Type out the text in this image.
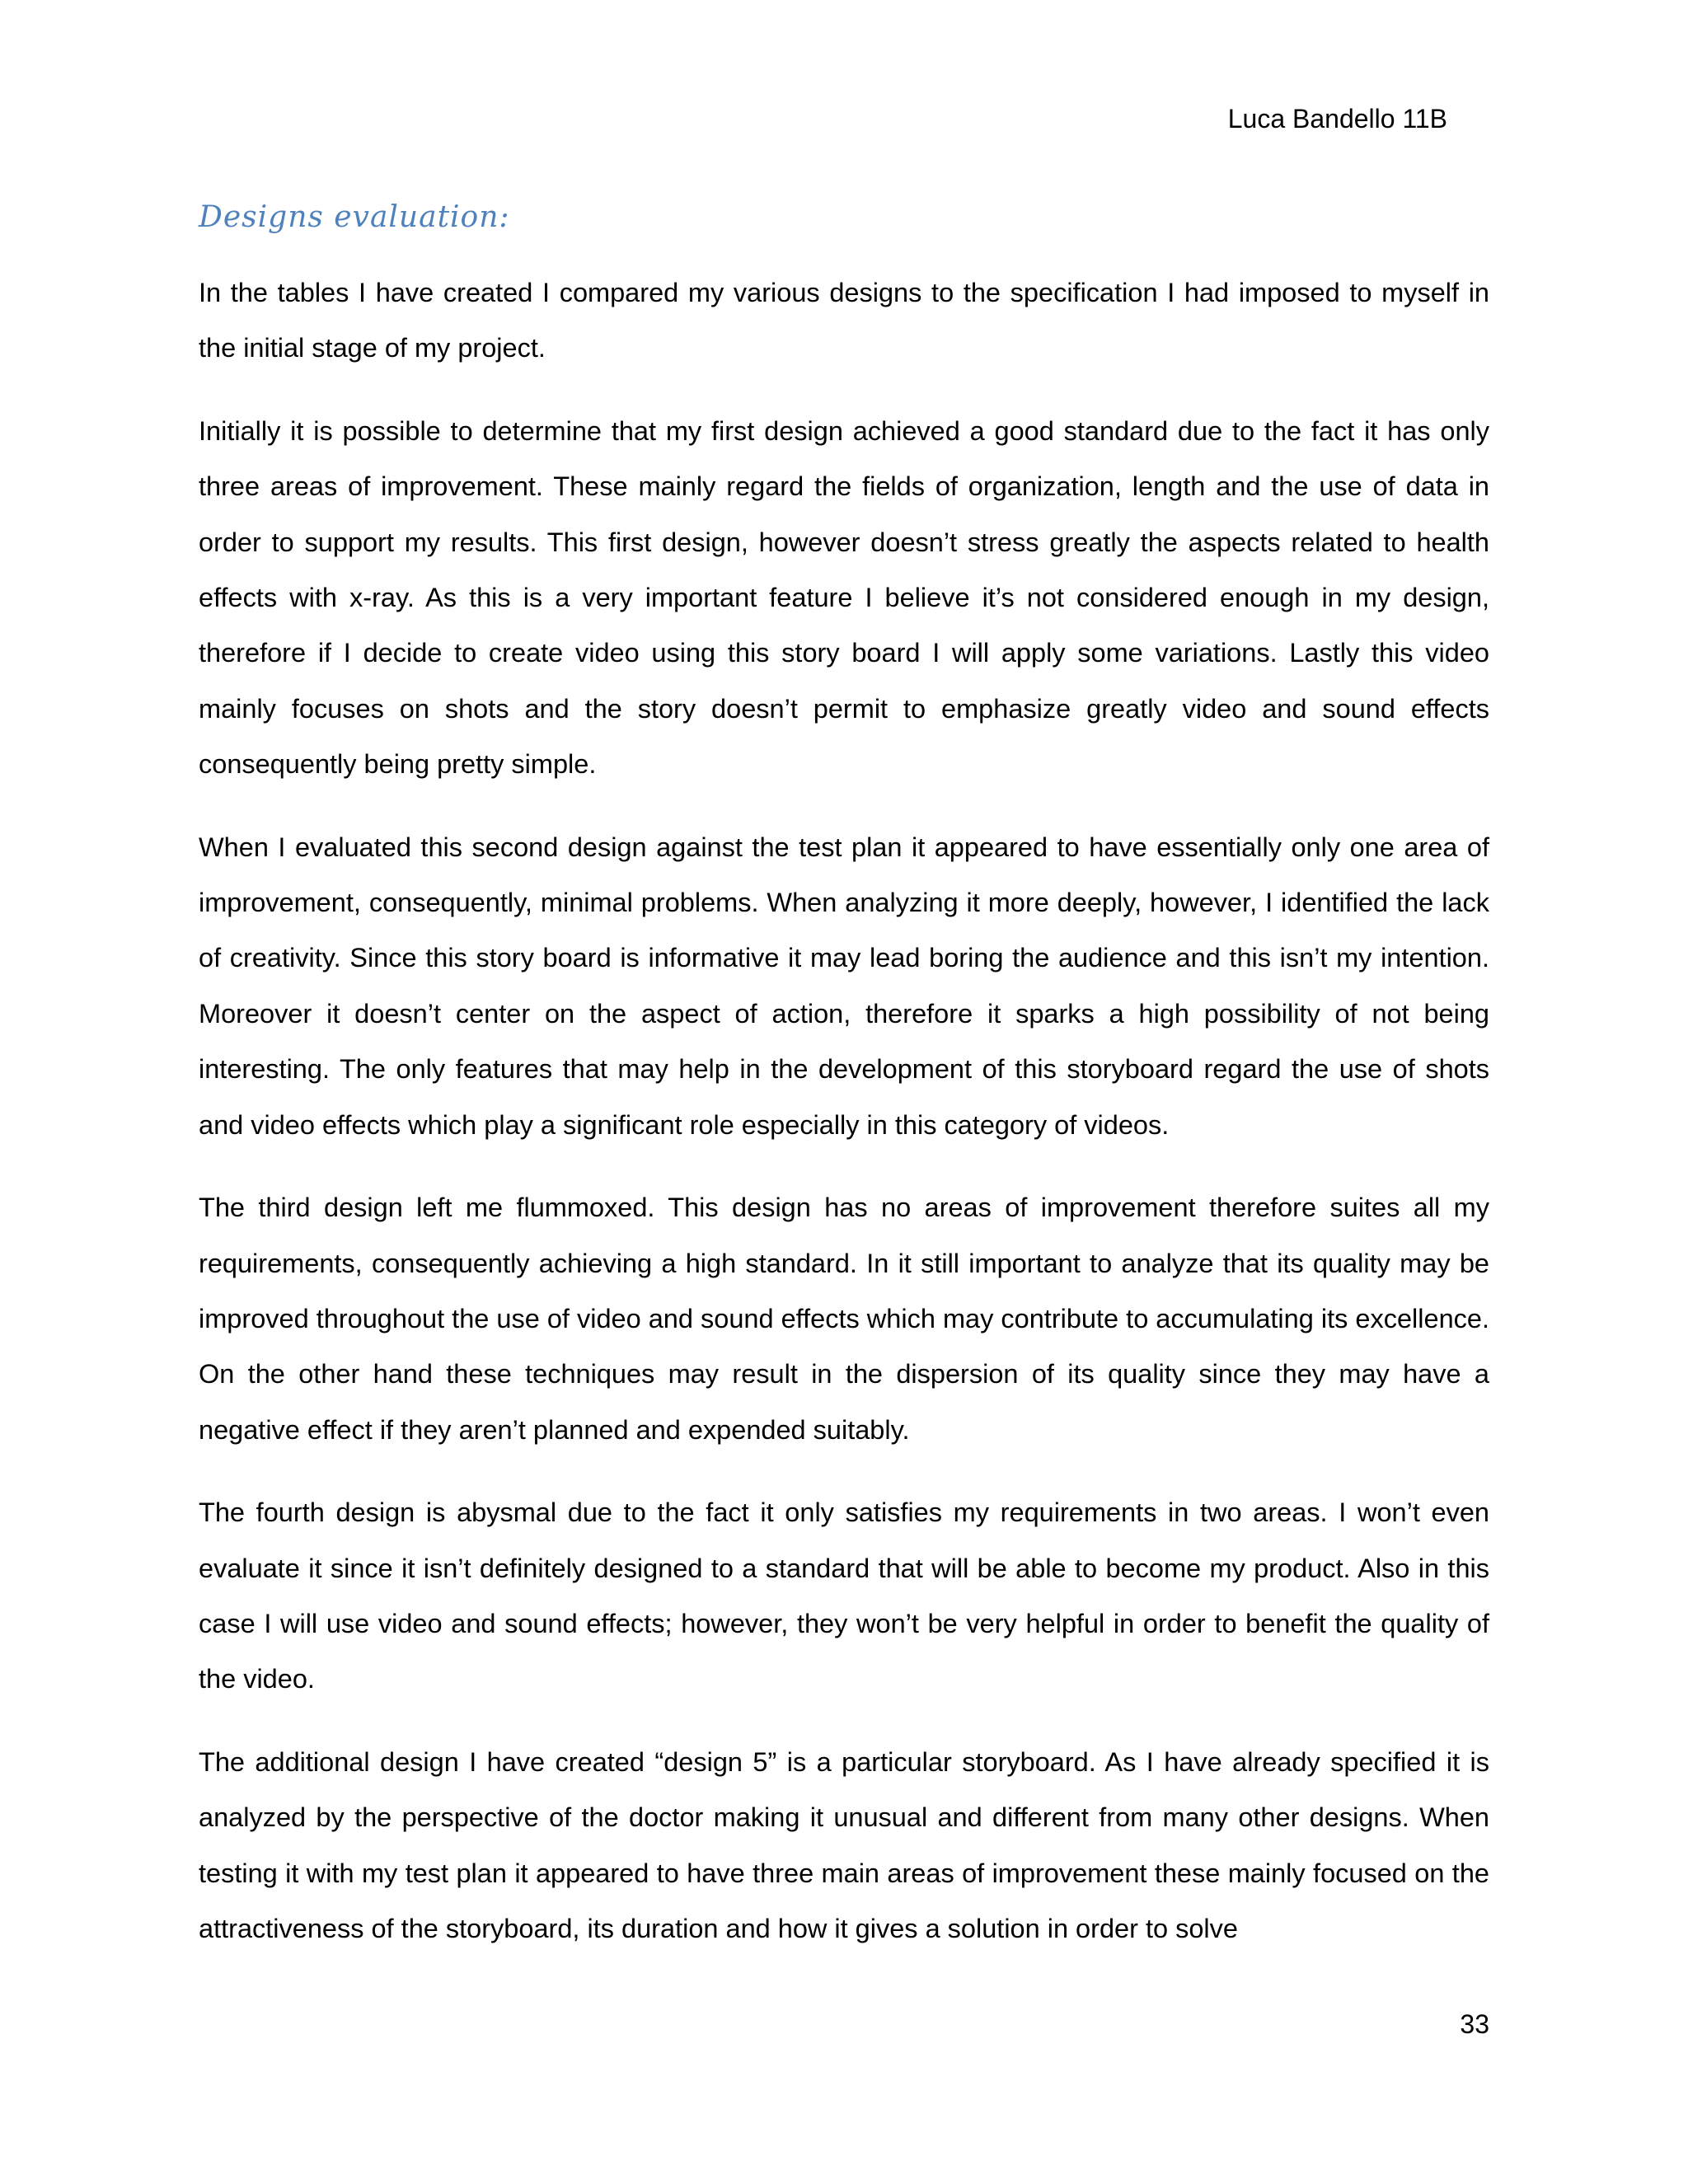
Luca Bandello 11B
Designs evaluation:

In the tables I have created I compared my various designs to the specification I had imposed to myself in the initial stage of my project.

Initially it is possible to determine that my first design achieved a good standard due to the fact it has only three areas of improvement. These mainly regard the fields of organization, length and the use of data in order to support my results. This first design, however doesn’t stress greatly the aspects related to health effects with x-ray. As this is a very important feature I believe it’s not considered enough in my design, therefore if I decide to create video using this story board I will apply some variations. Lastly this video mainly focuses on shots and the story doesn’t permit to emphasize greatly video and sound effects consequently being pretty simple.

When I evaluated this second design against the test plan it appeared to have essentially only one area of improvement, consequently, minimal problems. When analyzing it more deeply, however, I identified the lack of creativity. Since this story board is informative it may lead boring the audience and this isn’t my intention. Moreover it doesn’t center on the aspect of action, therefore it sparks a high possibility of not being interesting. The only features that may help in the development of this storyboard regard the use of shots and video effects which play a significant role especially in this category of videos.

The third design left me flummoxed. This design has no areas of improvement therefore suites all my requirements, consequently achieving a high standard. In it still important to analyze that its quality may be improved throughout the use of video and sound effects which may contribute to accumulating its excellence. On the other hand these techniques may result in the dispersion of its quality since they may have a negative effect if they aren’t planned and expended suitably.

The fourth design is abysmal due to the fact it only satisfies my requirements in two areas. I won’t even evaluate it since it isn’t definitely designed to a standard that will be able to become my product. Also in this case I will use video and sound effects; however, they won’t be very helpful in order to benefit the quality of the video.

The additional design I have created “design 5” is a particular storyboard. As I have already specified it is analyzed by the perspective of the doctor making it unusual and different from many other designs. When testing it with my test plan it appeared to have three main areas of improvement these mainly focused on the attractiveness of the storyboard, its duration and how it gives a solution in order to solve

33
